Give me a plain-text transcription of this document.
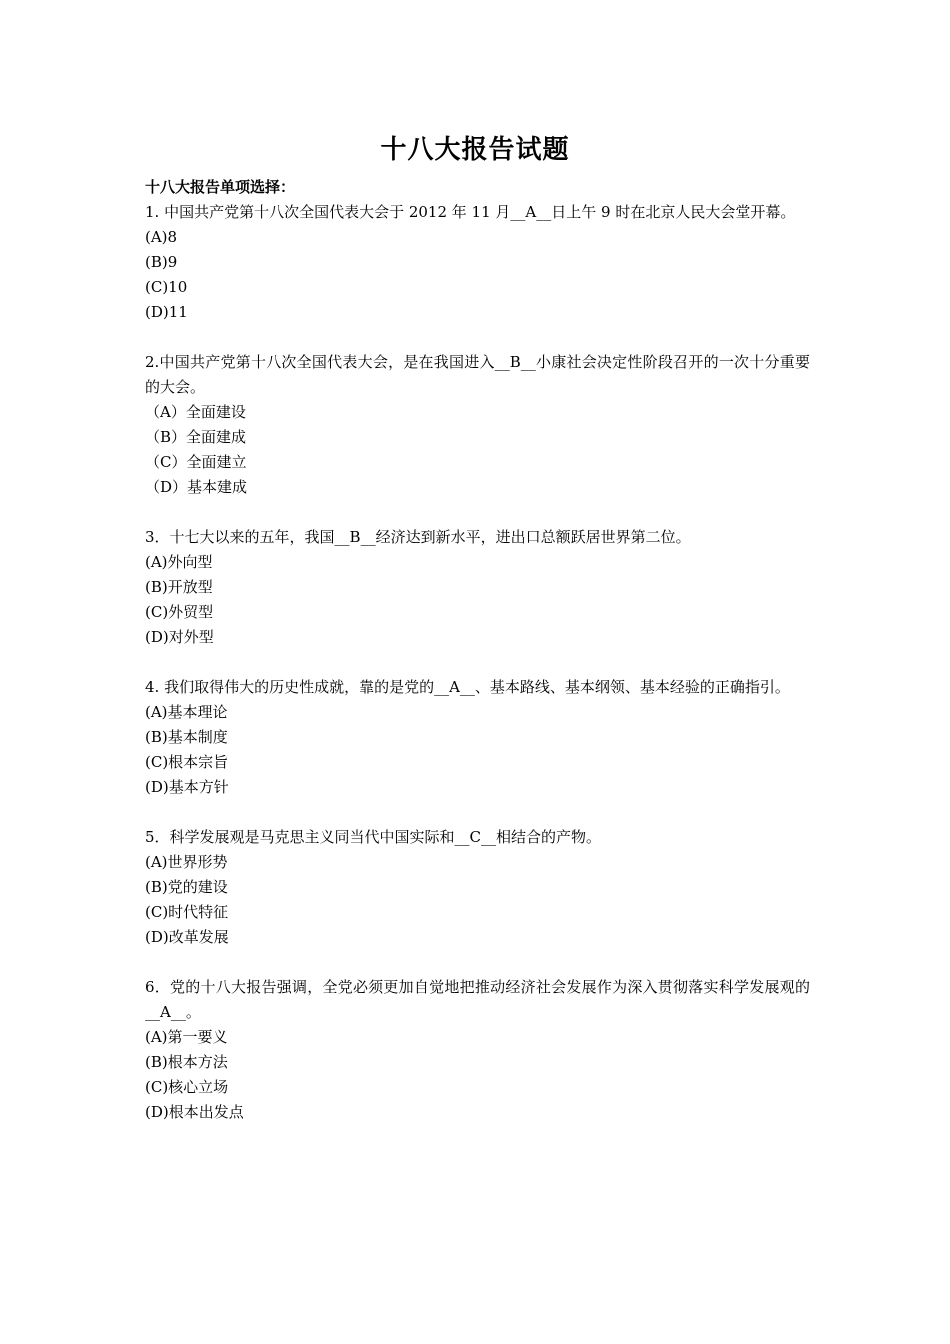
十八大报告试题

十八大报告单项选择：

1. 中国共产党第十八次全国代表大会于 2012 年 11 月__A__日上午 9 时在北京人民大会堂开幕。

(A)8

(B)9

(C)10

(D)11

2.中国共产党第十八次全国代表大会，是在我国进入__B__小康社会决定性阶段召开的一次十分重要的大会。

（A）全面建设

（B）全面建成

（C）全面建立

（D）基本建成

3．十七大以来的五年，我国__B__经济达到新水平，进出口总额跃居世界第二位。

(A)外向型

(B)开放型

(C)外贸型

(D)对外型

4. 我们取得伟大的历史性成就，靠的是党的__A__、基本路线、基本纲领、基本经验的正确指引。

(A)基本理论

(B)基本制度

(C)根本宗旨

(D)基本方针

5．科学发展观是马克思主义同当代中国实际和__C__相结合的产物。

(A)世界形势

(B)党的建设

(C)时代特征

(D)改革发展

6．党的十八大报告强调，全党必须更加自觉地把推动经济社会发展作为深入贯彻落实科学发展观的__A__。

(A)第一要义

(B)根本方法

(C)核心立场

(D)根本出发点
